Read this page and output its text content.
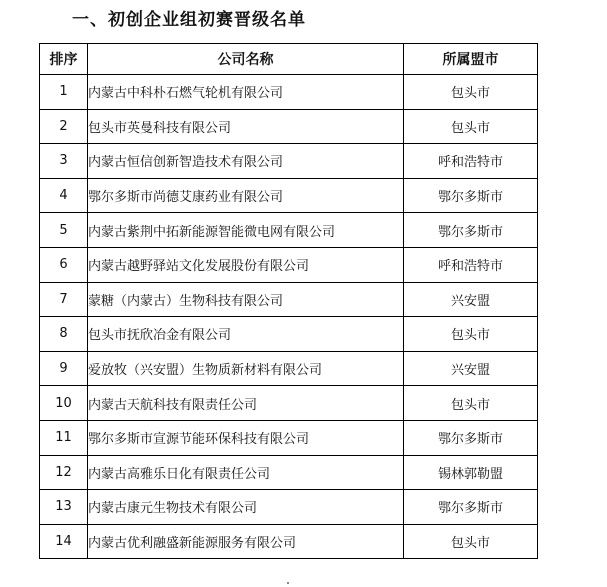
一、初创企业组初赛晋级名单
排序	公司名称	所属盟市
1	内蒙古中科朴石燃气轮机有限公司	包头市
2	包头市英曼科技有限公司	包头市
3	内蒙古恒信创新智造技术有限公司	呼和浩特市
4	鄂尔多斯市尚德艾康药业有限公司	鄂尔多斯市
5	内蒙古紫荆中拓新能源智能微电网有限公司	鄂尔多斯市
6	内蒙古越野驿站文化发展股份有限公司	呼和浩特市
7	蒙糖（内蒙古）生物科技有限公司	兴安盟
8	包头市抚欣冶金有限公司	包头市
9	爱放牧（兴安盟）生物质新材料有限公司	兴安盟
10	内蒙古天航科技有限责任公司	包头市
11	鄂尔多斯市宣源节能环保科技有限公司	鄂尔多斯市
12	内蒙古高雅乐日化有限责任公司	锡林郭勒盟
13	内蒙古康元生物技术有限公司	鄂尔多斯市
14	内蒙古优利融盛新能源服务有限公司	包头市
